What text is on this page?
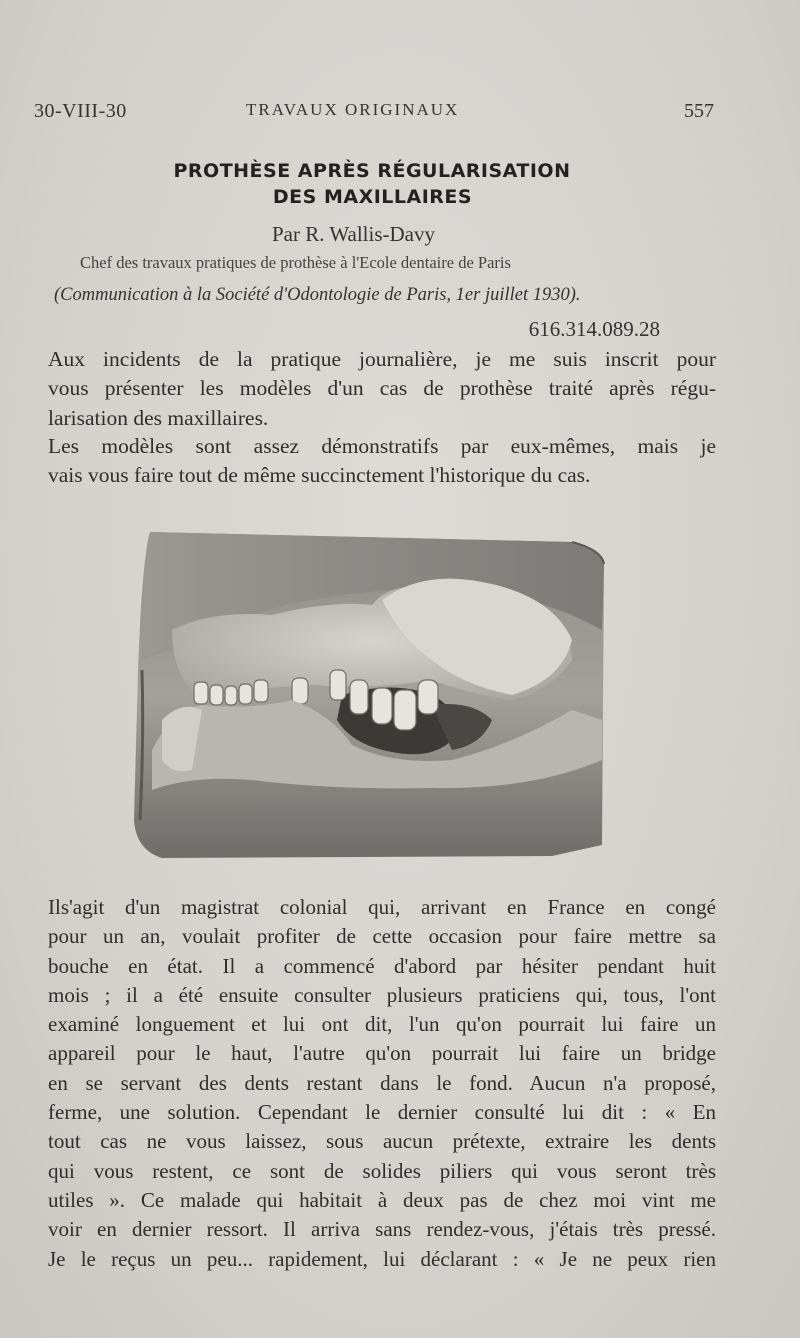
30-VIII-30	TRAVAUX ORIGINAUX	557
PROTHÈSE APRÈS RÉGULARISATION
DES MAXILLAIRES
Par R. Wallis-Davy
Chef des travaux pratiques de prothèse à l'Ecole dentaire de Paris
(Communication à la Société d'Odontologie de Paris, 1er juillet 1930).
616.314.089.28
Aux incidents de la pratique journalière, je me suis inscrit pour
vous présenter les modèles d'un cas de prothèse traité après régu-
larisation des maxillaires.
Les modèles sont assez démonstratifs par eux-mêmes, mais je
vais vous faire tout de même succinctement l'historique du cas.
Ils'agit d'un magistrat colonial qui, arrivant en France en congé
pour un an, voulait profiter de cette occasion pour faire mettre sa
bouche en état. Il a commencé d'abord par hésiter pendant huit
mois ; il a été ensuite consulter plusieurs praticiens qui, tous, l'ont
examiné longuement et lui ont dit, l'un qu'on pourrait lui faire un
appareil pour le haut, l'autre qu'on pourrait lui faire un bridge
en se servant des dents restant dans le fond. Aucun n'a proposé,
ferme, une solution. Cependant le dernier consulté lui dit : « En
tout cas ne vous laissez, sous aucun prétexte, extraire les dents
qui vous restent, ce sont de solides piliers qui vous seront très
utiles ». Ce malade qui habitait à deux pas de chez moi vint me
voir en dernier ressort. Il arriva sans rendez-vous, j'étais très pressé.
Je le reçus un peu... rapidement, lui déclarant : « Je ne peux rien
